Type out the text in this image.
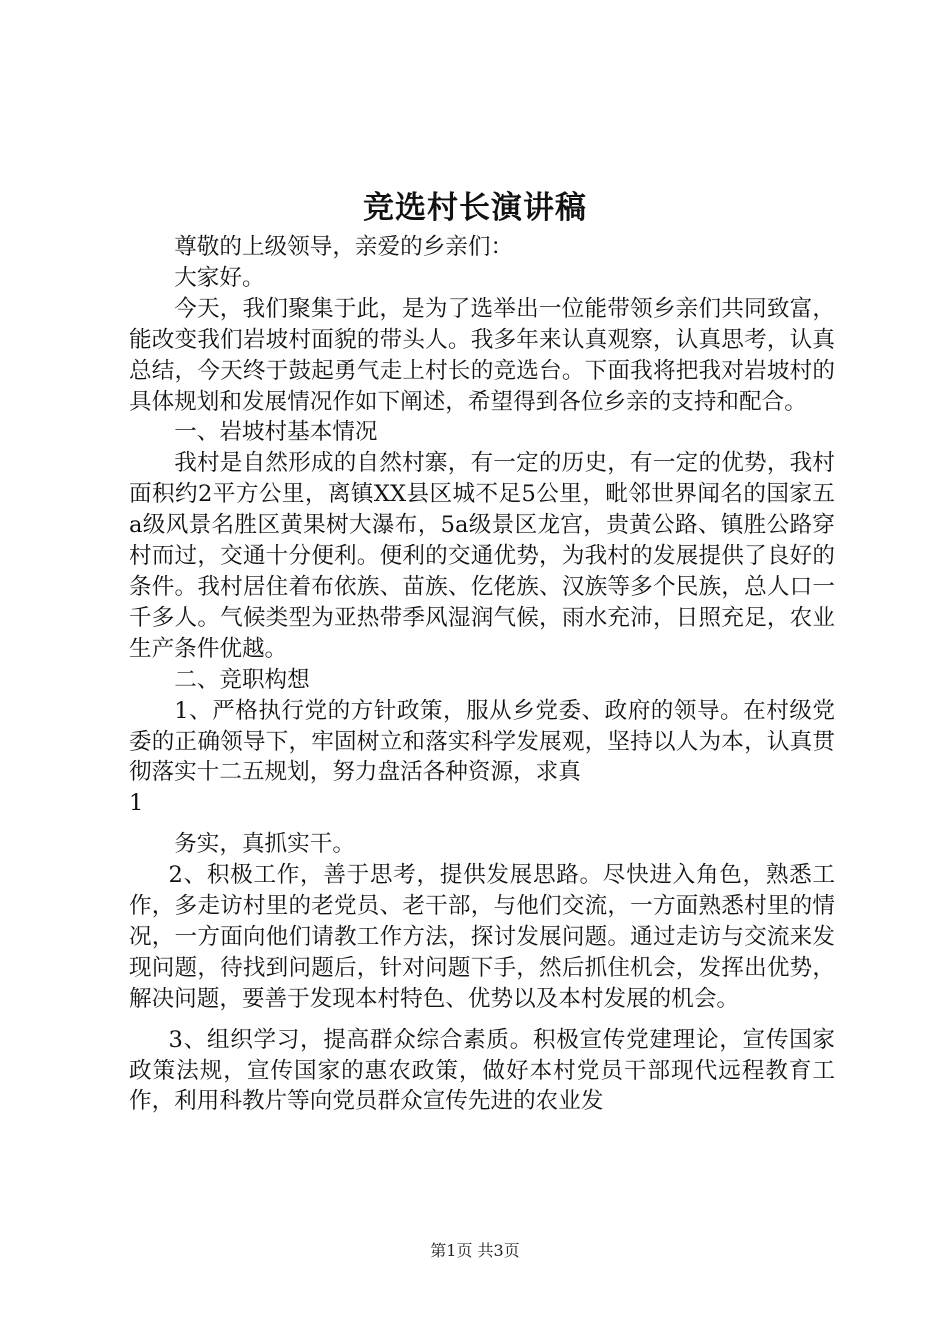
竞选村长演讲稿

尊敬的上级领导，亲爱的乡亲们：

大家好。

今天，我们聚集于此，是为了选举出一位能带领乡亲们共同致富，能改变我们岩坡村面貌的带头人。我多年来认真观察，认真思考，认真总结，今天终于鼓起勇气走上村长的竞选台。下面我将把我对岩坡村的具体规划和发展情况作如下阐述，希望得到各位乡亲的支持和配合。

一、岩坡村基本情况

我村是自然形成的自然村寨，有一定的历史，有一定的优势，我村面积约2平方公里，离镇XX县区城不足5公里，毗邻世界闻名的国家五a级风景名胜区黄果树大瀑布，5a级景区龙宫，贵黄公路、镇胜公路穿村而过，交通十分便利。便利的交通优势，为我村的发展提供了良好的条件。我村居住着布依族、苗族、仡佬族、汉族等多个民族，总人口一千多人。气候类型为亚热带季风湿润气候，雨水充沛，日照充足，农业生产条件优越。

二、竞职构想

1、严格执行党的方针政策，服从乡党委、政府的领导。在村级党委的正确领导下，牢固树立和落实科学发展观，坚持以人为本，认真贯彻落实十二五规划，努力盘活各种资源，求真

1

务实，真抓实干。

2、积极工作，善于思考，提供发展思路。尽快进入角色，熟悉工作，多走访村里的老党员、老干部，与他们交流，一方面熟悉村里的情况，一方面向他们请教工作方法，探讨发展问题。通过走访与交流来发现问题，待找到问题后，针对问题下手，然后抓住机会，发挥出优势，解决问题，要善于发现本村特色、优势以及本村发展的机会。

3、组织学习，提高群众综合素质。积极宣传党建理论，宣传国家政策法规，宣传国家的惠农政策，做好本村党员干部现代远程教育工作，利用科教片等向党员群众宣传先进的农业发

第1页 共3页
